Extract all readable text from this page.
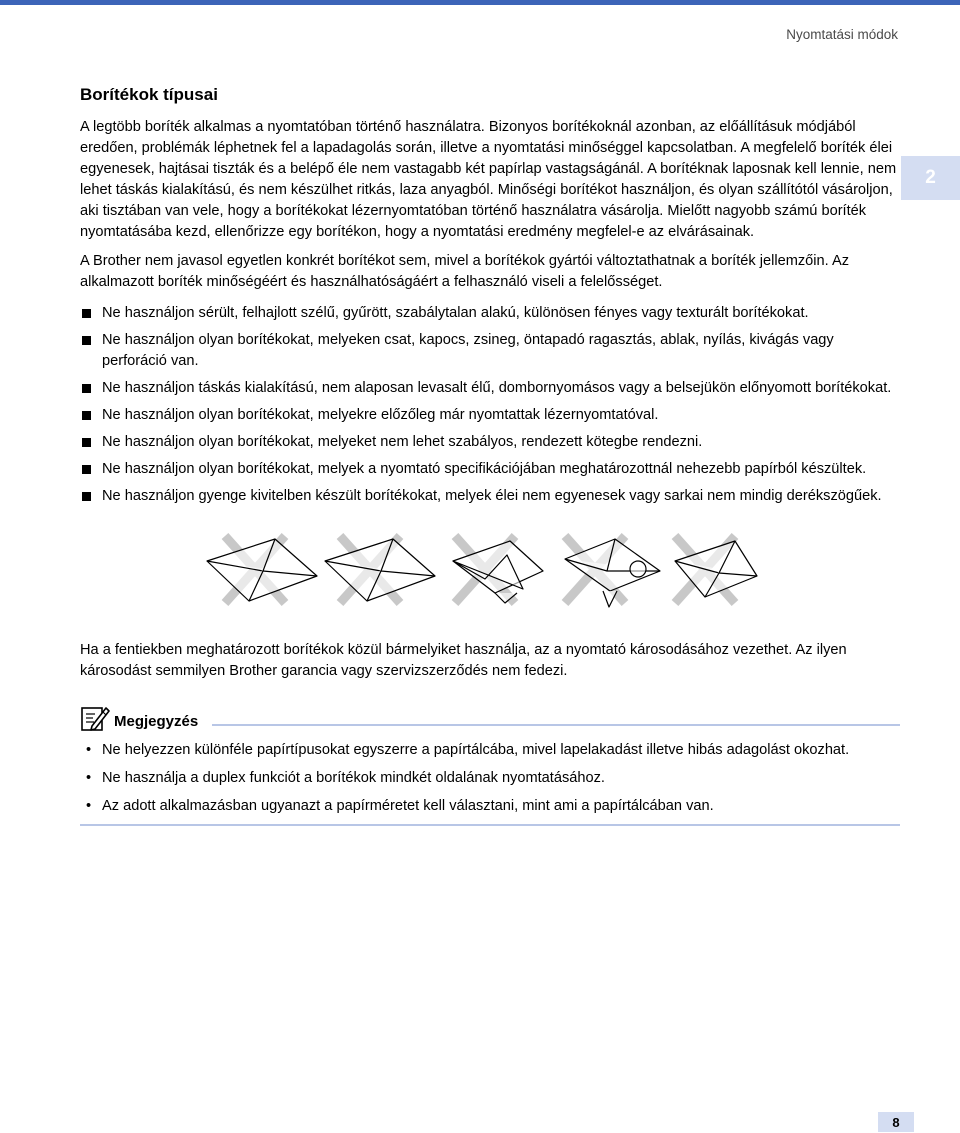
Nyomtatási módok
2
Borítékok típusai

A legtöbb boríték alkalmas a nyomtatóban történő használatra. Bizonyos borítékoknál azonban, az előállításuk módjából eredően, problémák léphetnek fel a lapadagolás során, illetve a nyomtatási minőséggel kapcsolatban. A megfelelő boríték élei egyenesek, hajtásai tiszták és a belépő éle nem vastagabb két papírlap vastagságánál. A borítéknak laposnak kell lennie, nem lehet táskás kialakítású, és nem készülhet ritkás, laza anyagból. Minőségi borítékot használjon, és olyan szállítótól vásároljon, aki tisztában van vele, hogy a borítékokat lézernyomtatóban történő használatra vásárolja. Mielőtt nagyobb számú boríték nyomtatásába kezd, ellenőrizze egy borítékon, hogy a nyomtatási eredmény megfelel-e az elvárásainak.

A Brother nem javasol egyetlen konkrét borítékot sem, mivel a borítékok gyártói változtathatnak a boríték jellemzőin. Az alkalmazott boríték minőségéért és használhatóságáért a felhasználó viseli a felelősséget.

Ne használjon sérült, felhajlott szélű, gyűrött, szabálytalan alakú, különösen fényes vagy texturált borítékokat.
Ne használjon olyan borítékokat, melyeken csat, kapocs, zsineg, öntapadó ragasztás, ablak, nyílás, kivágás vagy perforáció van.
Ne használjon táskás kialakítású, nem alaposan levasalt élű, dombornyomásos vagy a belsejükön előnyomott borítékokat.
Ne használjon olyan borítékokat, melyekre előzőleg már nyomtattak lézernyomtatóval.
Ne használjon olyan borítékokat, melyeket nem lehet szabályos, rendezett kötegbe rendezni.
Ne használjon olyan borítékokat, melyek a nyomtató specifikációjában meghatározottnál nehezebb papírból készültek.
Ne használjon gyenge kivitelben készült borítékokat, melyek élei nem egyenesek vagy sarkai nem mindig derékszögűek.

Ha a fentiekben meghatározott borítékok közül bármelyiket használja, az a nyomtató károsodásához vezethet. Az ilyen károsodást semmilyen Brother garancia vagy szervizszerződés nem fedezi.

Megjegyzés
• Ne helyezzen különféle papírtípusokat egyszerre a papírtálcába, mivel lapelakadást illetve hibás adagolást okozhat.
• Ne használja a duplex funkciót a borítékok mindkét oldalának nyomtatásához.
• Az adott alkalmazásban ugyanazt a papírméretet kell választani, mint ami a papírtálcában van.
8
